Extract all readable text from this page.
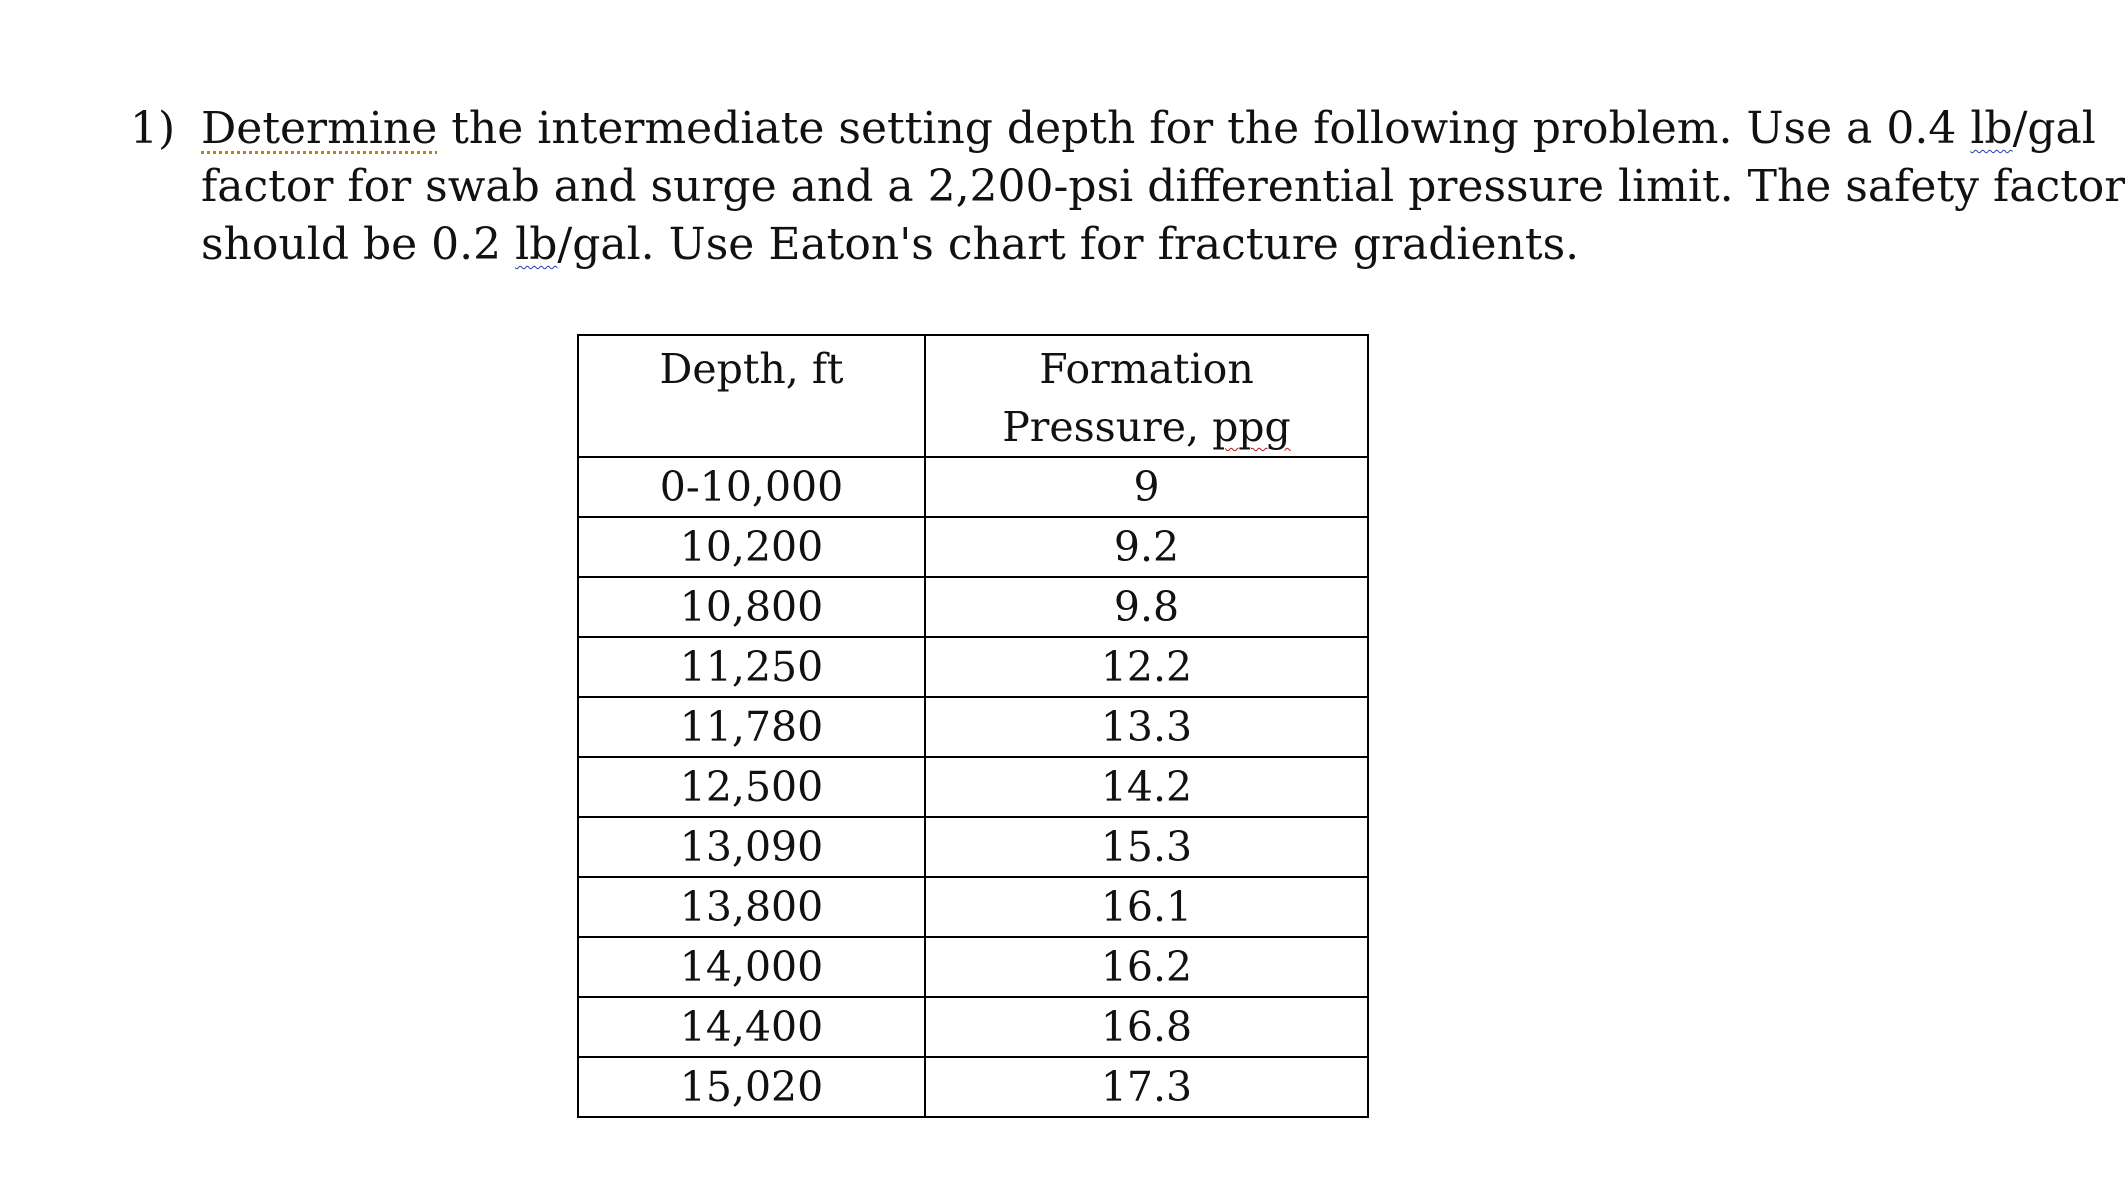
1) Determine the intermediate setting depth for the following problem. Use a 0.4 lb/gal
factor for swab and surge and a 2,200-psi differential pressure limit. The safety factor
should be 0.2 lb/gal. Use Eaton's chart for fracture gradients.
Depth, ft	Formation
Pressure, ppg
0-10,000	9
10,200	9.2
10,800	9.8
11,250	12.2
11,780	13.3
12,500	14.2
13,090	15.3
13,800	16.1
14,000	16.2
14,400	16.8
15,020	17.3
